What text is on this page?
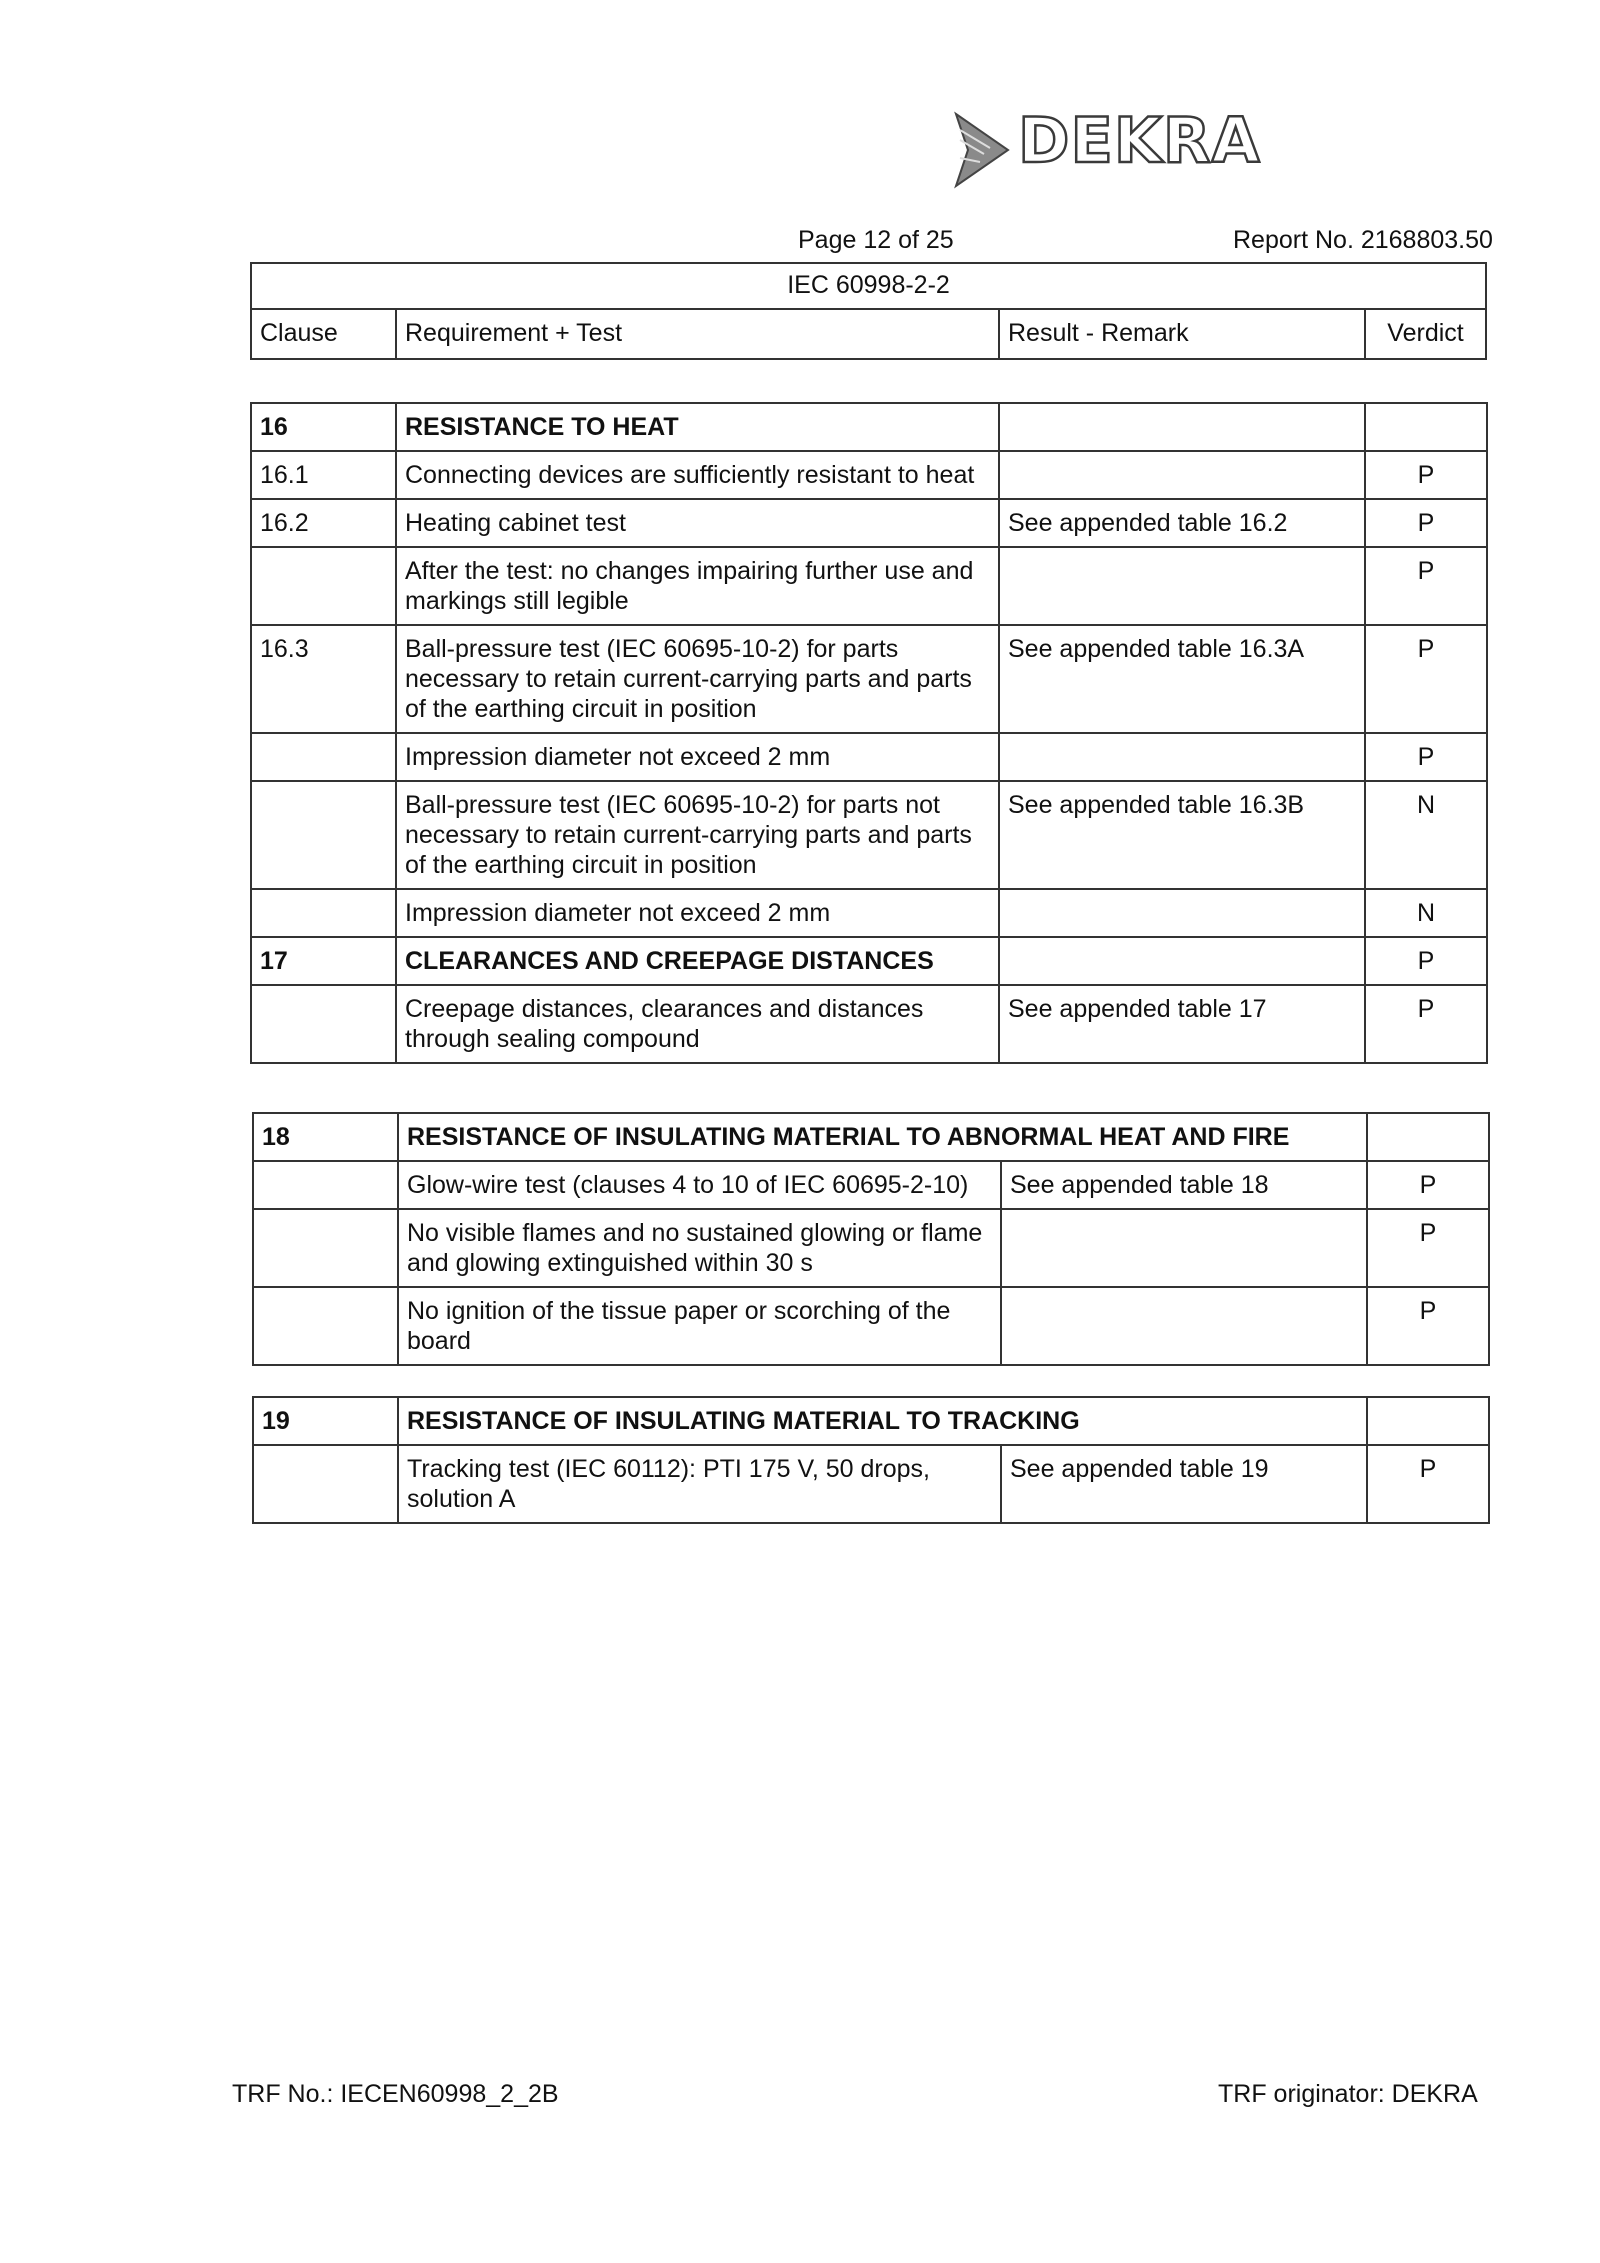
DEKRA
Page 12 of 25	Report No. 2168803.50
IEC 60998-2-2
Clause	Requirement + Test	Result - Remark	Verdict
16	RESISTANCE TO HEAT		
16.1	Connecting devices are sufficiently resistant to heat		P
16.2	Heating cabinet test	See appended table 16.2	P
	After the test: no changes impairing further use and markings still legible		P
16.3	Ball-pressure test (IEC 60695-10-2) for parts necessary to retain current-carrying parts and parts of the earthing circuit in position	See appended table 16.3A	P
	Impression diameter not exceed 2 mm		P
	Ball-pressure test (IEC 60695-10-2) for parts not necessary to retain current-carrying parts and parts of the earthing circuit in position	See appended table 16.3B	N
	Impression diameter not exceed 2 mm		N
17	CLEARANCES AND CREEPAGE DISTANCES		P
	Creepage distances, clearances and distances through sealing compound	See appended table 17	P
18	RESISTANCE OF INSULATING MATERIAL TO ABNORMAL HEAT AND FIRE		
	Glow-wire test (clauses 4 to 10 of IEC 60695-2-10)	See appended table 18	P
	No visible flames and no sustained glowing or flame and glowing extinguished within 30 s		P
	No ignition of the tissue paper or scorching of the board		P
19	RESISTANCE OF INSULATING MATERIAL TO TRACKING		
	Tracking test (IEC 60112): PTI 175 V, 50 drops, solution A	See appended table 19	P
TRF No.: IECEN60998_2_2B	TRF originator: DEKRA
